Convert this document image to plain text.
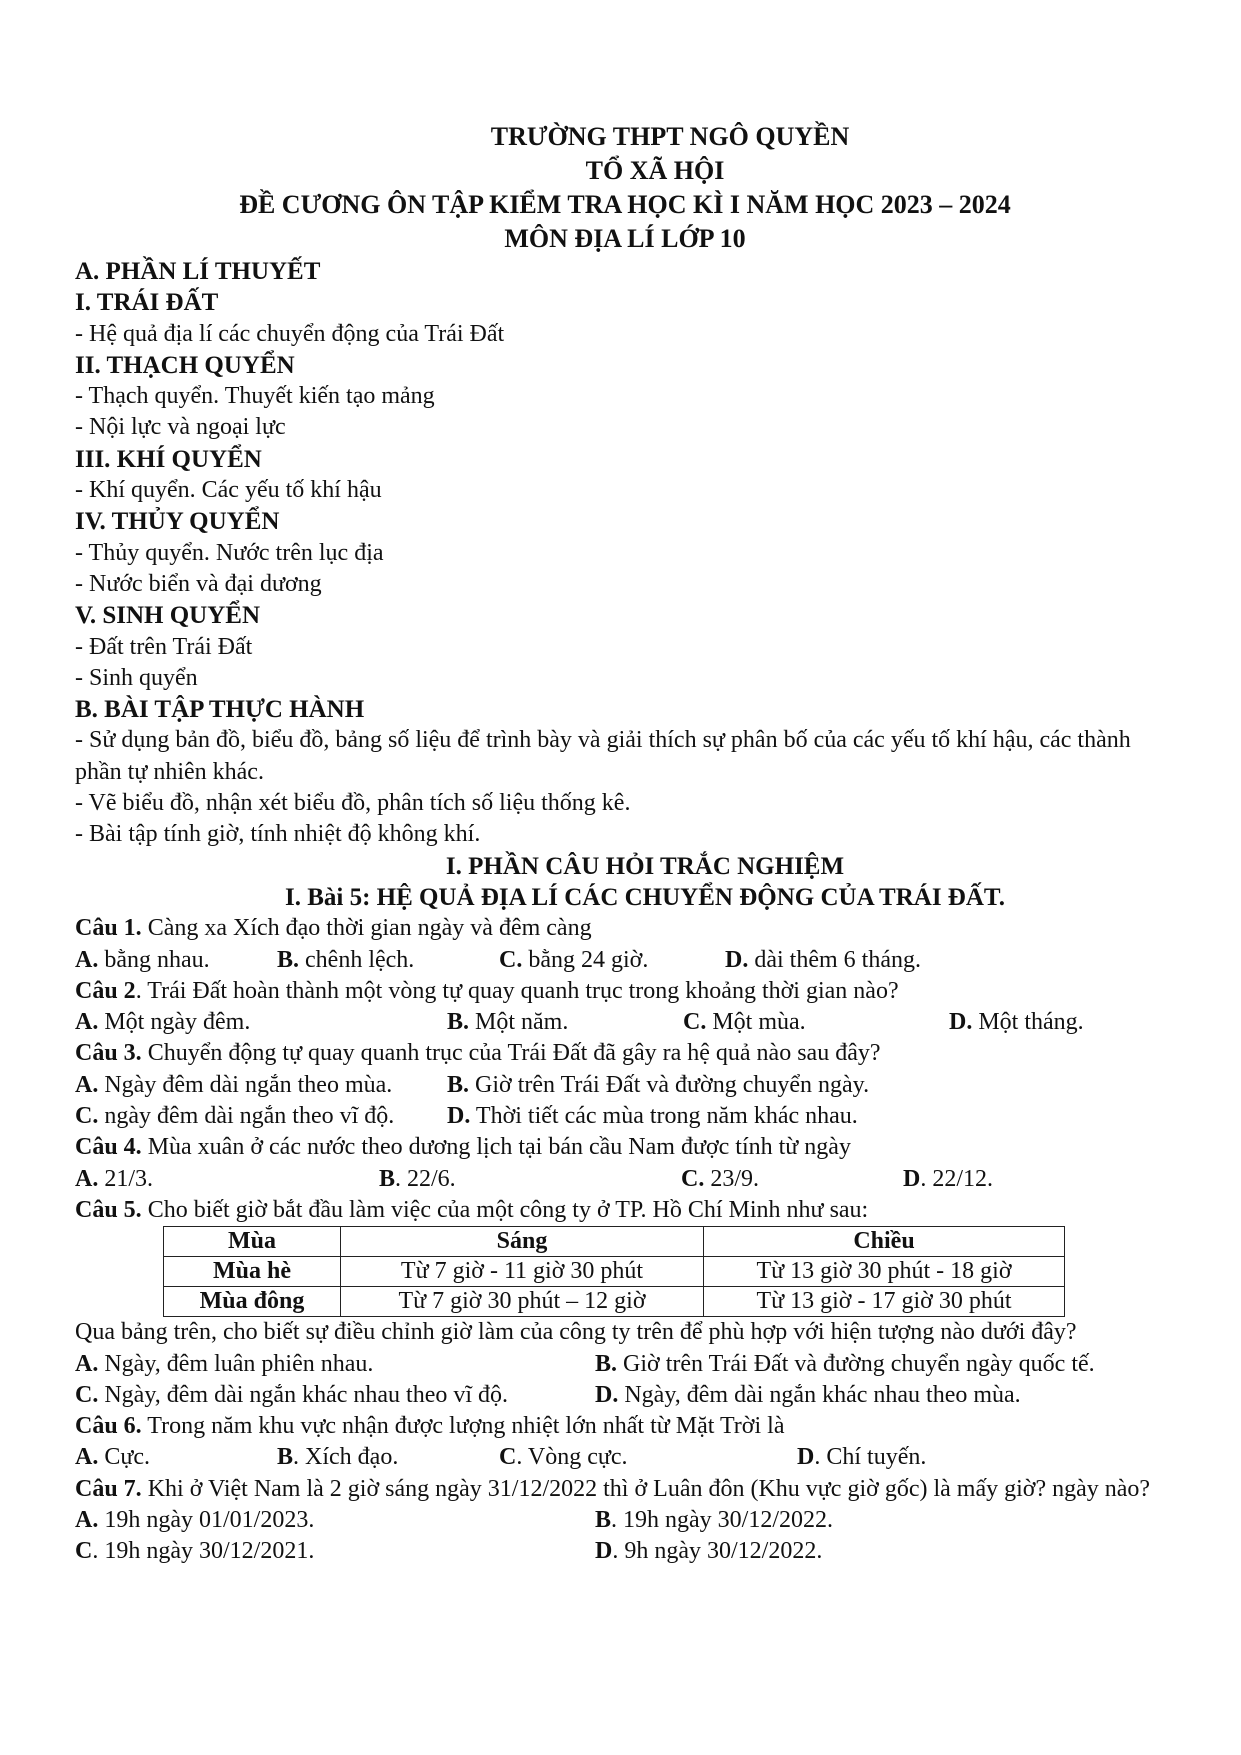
TRƯỜNG THPT NGÔ QUYỀN
TỔ XÃ HỘI
ĐỀ CƯƠNG ÔN TẬP KIỂM TRA HỌC KÌ I NĂM HỌC 2023 – 2024
MÔN ĐỊA LÍ LỚP 10
A. PHẦN LÍ THUYẾT
I. TRÁI ĐẤT
- Hệ quả địa lí các chuyển động của Trái Đất
II. THẠCH QUYỂN
- Thạch quyển. Thuyết kiến tạo mảng
- Nội lực và ngoại lực
III. KHÍ QUYỂN
- Khí quyển. Các yếu tố khí hậu
IV. THỦY QUYỂN
- Thủy quyển. Nước trên lục địa
- Nước biển và đại dương
V. SINH QUYỂN
- Đất trên Trái Đất
- Sinh quyển
B. BÀI TẬP THỰC HÀNH
- Sử dụng bản đồ, biểu đồ, bảng số liệu để trình bày và giải thích sự phân bố của các yếu tố khí hậu, các thành phần tự nhiên khác.
- Vẽ biểu đồ, nhận xét biểu đồ, phân tích số liệu thống kê.
- Bài tập tính giờ, tính nhiệt độ không khí.
I. PHẦN CÂU HỎI TRẮC NGHIỆM
I. Bài 5: HỆ QUẢ ĐỊA LÍ CÁC CHUYỂN ĐỘNG CỦA TRÁI ĐẤT.
Câu 1. Càng xa Xích đạo thời gian ngày và đêm càng
A. bằng nhau.	B. chênh lệch.	C. bằng 24 giờ.	D. dài thêm 6 tháng.
Câu 2. Trái Đất hoàn thành một vòng tự quay quanh trục trong khoảng thời gian nào?
A. Một ngày đêm.	B. Một năm.	C. Một mùa.	D. Một tháng.
Câu 3. Chuyển động tự quay quanh trục của Trái Đất đã gây ra hệ quả nào sau đây?
A. Ngày đêm dài ngắn theo mùa.	B. Giờ trên Trái Đất và đường chuyển ngày.
C. ngày đêm dài ngắn theo vĩ độ.	D. Thời tiết các mùa trong năm khác nhau.
Câu 4. Mùa xuân ở các nước theo dương lịch tại bán cầu Nam được tính từ ngày
A. 21/3.	B. 22/6.	C. 23/9.	D. 22/12.
Câu 5. Cho biết giờ bắt đầu làm việc của một công ty ở TP. Hồ Chí Minh như sau:
Mùa	Sáng	Chiều
Mùa hè	Từ 7 giờ - 11 giờ 30 phút	Từ 13 giờ 30 phút - 18 giờ
Mùa đông	Từ 7 giờ 30 phút – 12 giờ	Từ 13 giờ - 17 giờ 30 phút
Qua bảng trên, cho biết sự điều chỉnh giờ làm của công ty trên để phù hợp với hiện tượng nào dưới đây?
A. Ngày, đêm luân phiên nhau.	B. Giờ trên Trái Đất và đường chuyển ngày quốc tế.
C. Ngày, đêm dài ngắn khác nhau theo vĩ độ.	D. Ngày, đêm dài ngắn khác nhau theo mùa.
Câu 6. Trong năm khu vực nhận được lượng nhiệt lớn nhất từ Mặt Trời là
A. Cực.	B. Xích đạo.	C. Vòng cực.	D. Chí tuyến.
Câu 7. Khi ở Việt Nam là 2 giờ sáng ngày 31/12/2022 thì ở Luân đôn (Khu vực giờ gốc) là mấy giờ? ngày nào?
A. 19h ngày 01/01/2023.	B. 19h ngày 30/12/2022.
C. 19h ngày 30/12/2021.	D. 9h ngày 30/12/2022.
